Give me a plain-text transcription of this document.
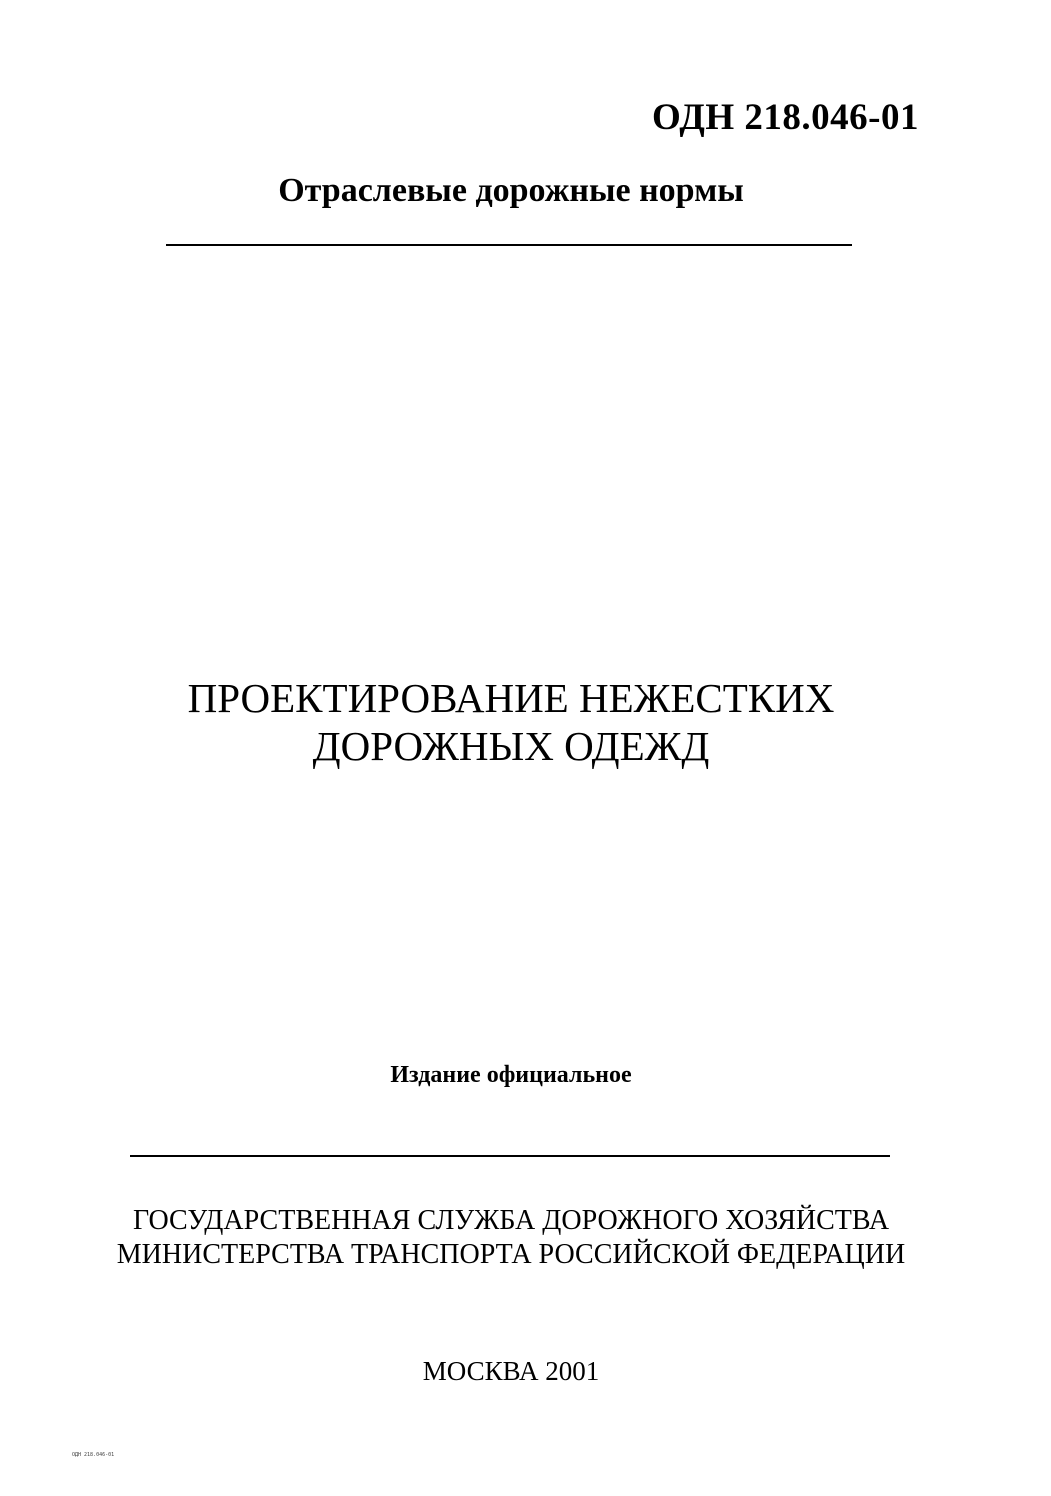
ОДН 218.046-01
Отраслевые дорожные нормы
ПРОЕКТИРОВАНИЕ НЕЖЕСТКИХ
ДОРОЖНЫХ ОДЕЖД
Издание официальное
ГОСУДАРСТВЕННАЯ СЛУЖБА ДОРОЖНОГО ХОЗЯЙСТВА
МИНИСТЕРСТВА ТРАНСПОРТА РОССИЙСКОЙ ФЕДЕРАЦИИ
МОСКВА 2001
ОДН 218.046-01
